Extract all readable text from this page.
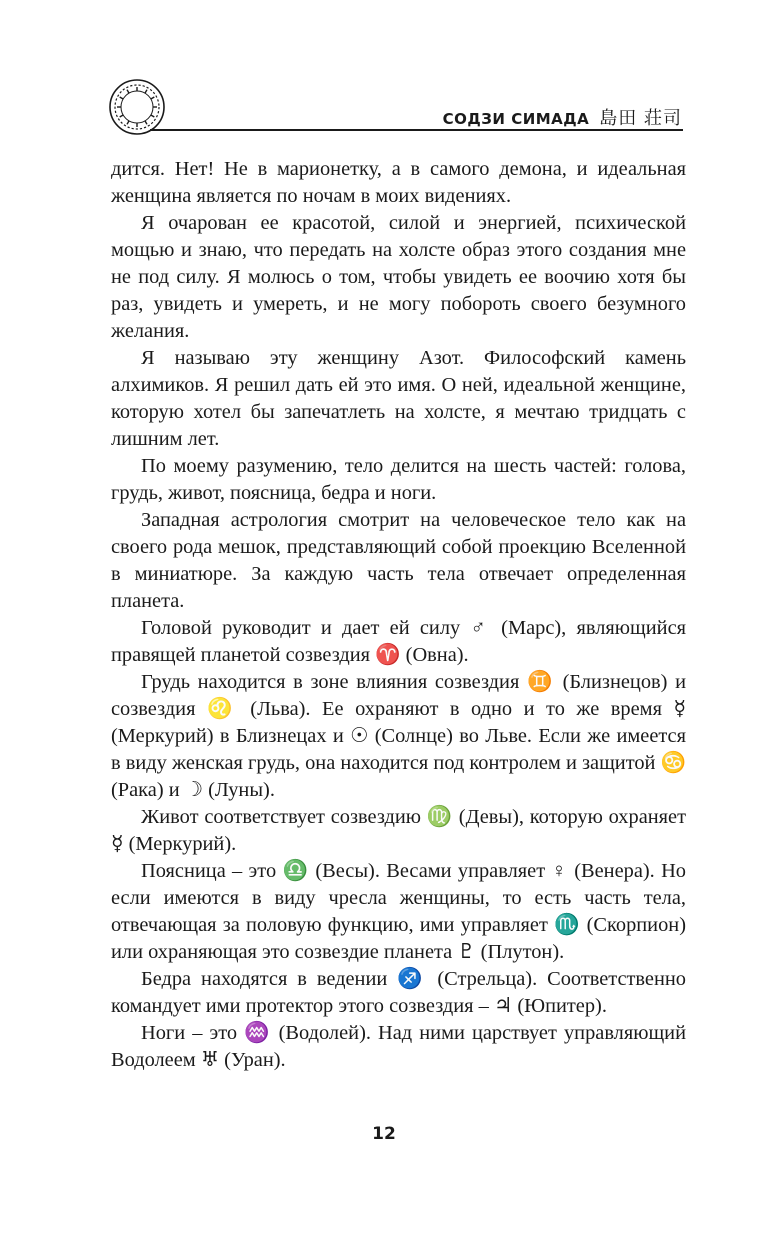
СОДЗИ СИМАДА 島田 荘司

дится. Нет! Не в марионетку, а в самого демона, и идеальная женщина является по ночам в моих видениях.

Я очарован ее красотой, силой и энергией, психической мощью и знаю, что передать на холсте образ этого создания мне не под силу. Я молюсь о том, чтобы увидеть ее воочию хотя бы раз, увидеть и умереть, и не могу побороть своего безумного желания.

Я называю эту женщину Азот. Философский камень алхимиков. Я решил дать ей это имя. О ней, идеальной женщине, которую хотел бы запечатлеть на холсте, я мечтаю тридцать с лишним лет.

По моему разумению, тело делится на шесть частей: голова, грудь, живот, поясница, бедра и ноги.

Западная астрология смотрит на человеческое тело как на своего рода мешок, представляющий собой проекцию Вселенной в миниатюре. За каждую часть тела отвечает определенная планета.

Головой руководит и дает ей силу ♂ (Марс), являющийся правящей планетой созвездия ♈ (Овна).

Грудь находится в зоне влияния созвездия ♊ (Близнецов) и созвездия ♌ (Льва). Ее охраняют в одно и то же время ☿ (Меркурий) в Близнецах и ☉ (Солнце) во Льве. Если же имеется в виду женская грудь, она находится под контролем и защитой ♋ (Рака) и ☽ (Луны).

Живот соответствует созвездию ♍ (Девы), которую охраняет ☿ (Меркурий).

Поясница – это ♎ (Весы). Весами управляет ♀ (Венера). Но если имеются в виду чресла женщины, то есть часть тела, отвечающая за половую функцию, ими управляет ♏ (Скорпион) или охраняющая это созвездие планета ♇ (Плутон).

Бедра находятся в ведении ♐ (Стрельца). Соответственно командует ими протектор этого созвездия – ♃ (Юпитер).

Ноги – это ♒ (Водолей). Над ними царствует управляющий Водолеем ♅ (Уран).

12
